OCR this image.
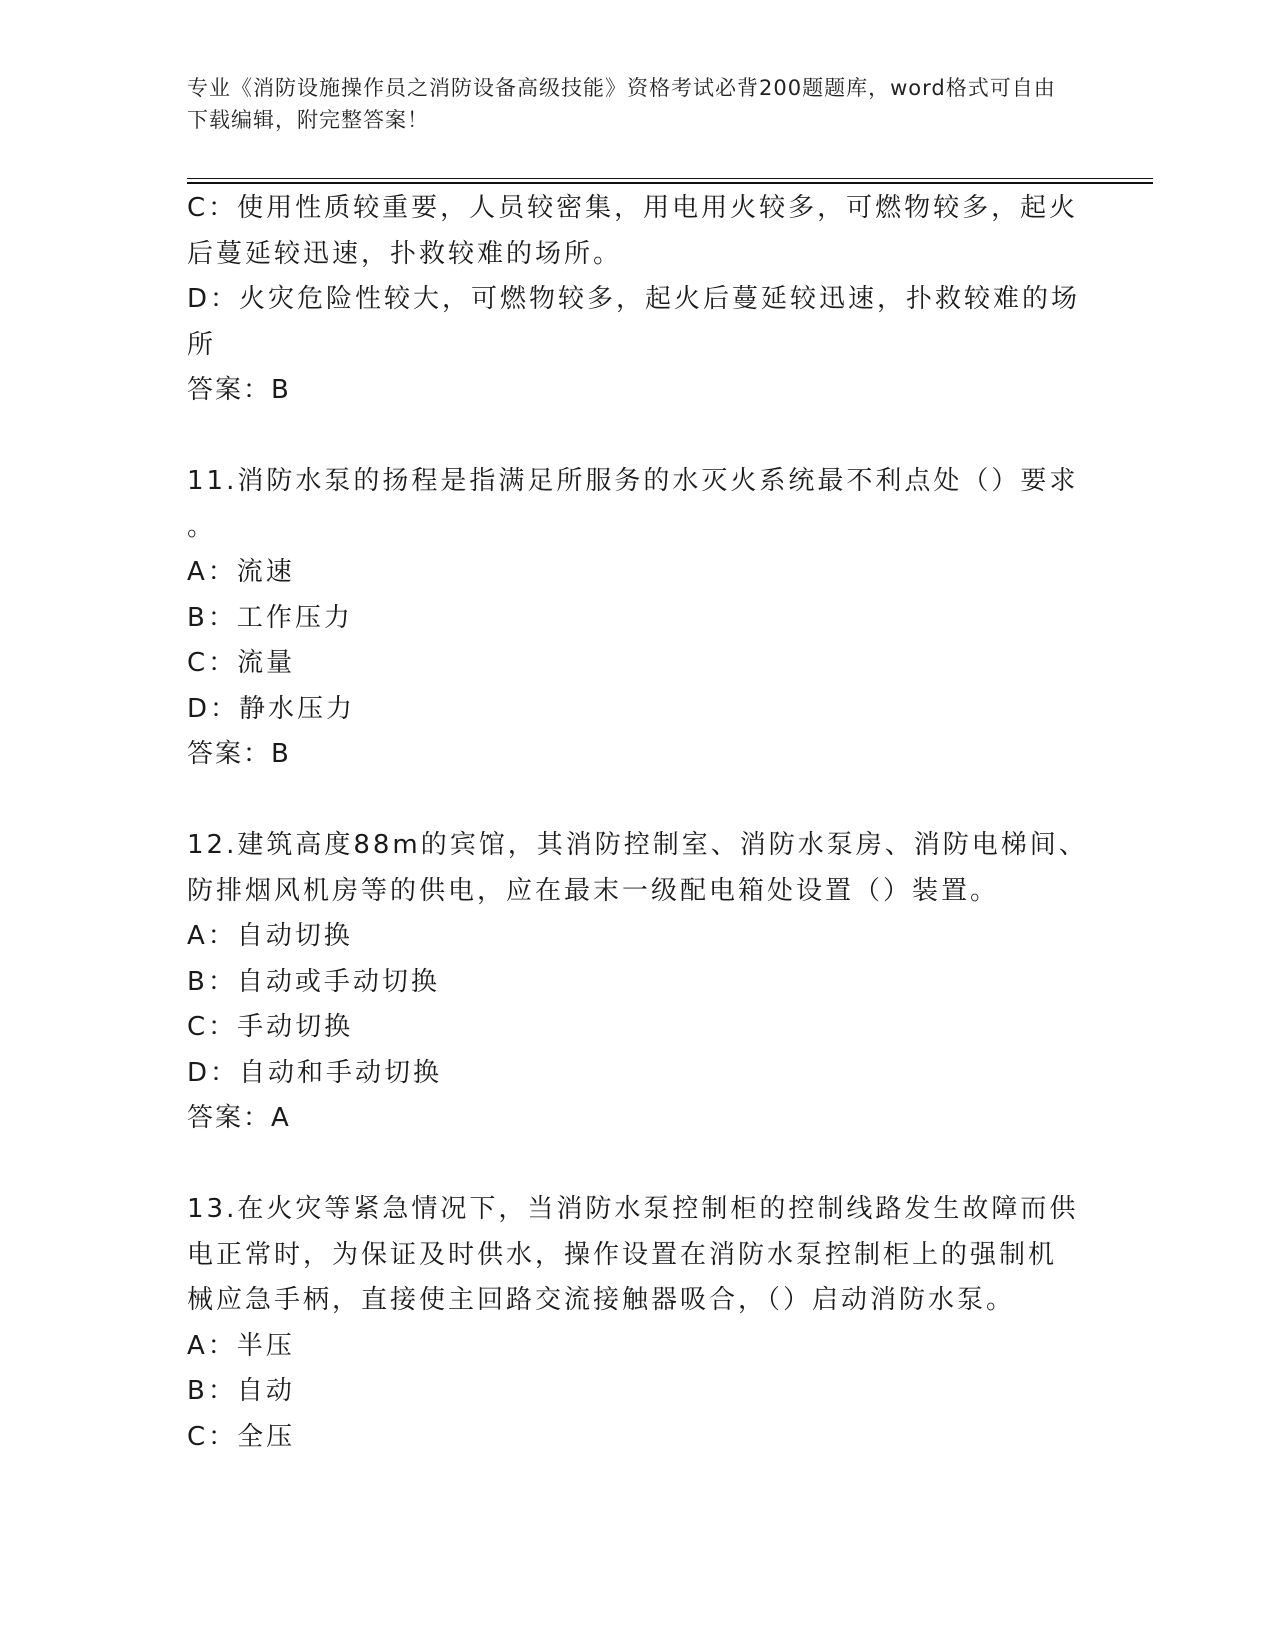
专业《消防设施操作员之消防设备高级技能》资格考试必背200题题库，word格式可自由下载编辑，附完整答案！
C：使用性质较重要，人员较密集，用电用火较多，可燃物较多，起火
后蔓延较迅速，扑救较难的场所。
D：火灾危险性较大，可燃物较多，起火后蔓延较迅速，扑救较难的场
所
答案：B
11.消防水泵的扬程是指满足所服务的水灭火系统最不利点处（）要求
。
A：流速
B：工作压力
C：流量
D：静水压力
答案：B
12.建筑高度88m的宾馆，其消防控制室、消防水泵房、消防电梯间、
防排烟风机房等的供电，应在最末一级配电箱处设置（）装置。
A：自动切换
B：自动或手动切换
C：手动切换
D：自动和手动切换
答案：A
13.在火灾等紧急情况下，当消防水泵控制柜的控制线路发生故障而供
电正常时，为保证及时供水，操作设置在消防水泵控制柜上的强制机
械应急手柄，直接使主回路交流接触器吸合，（）启动消防水泵。
A：半压
B：自动
C：全压
